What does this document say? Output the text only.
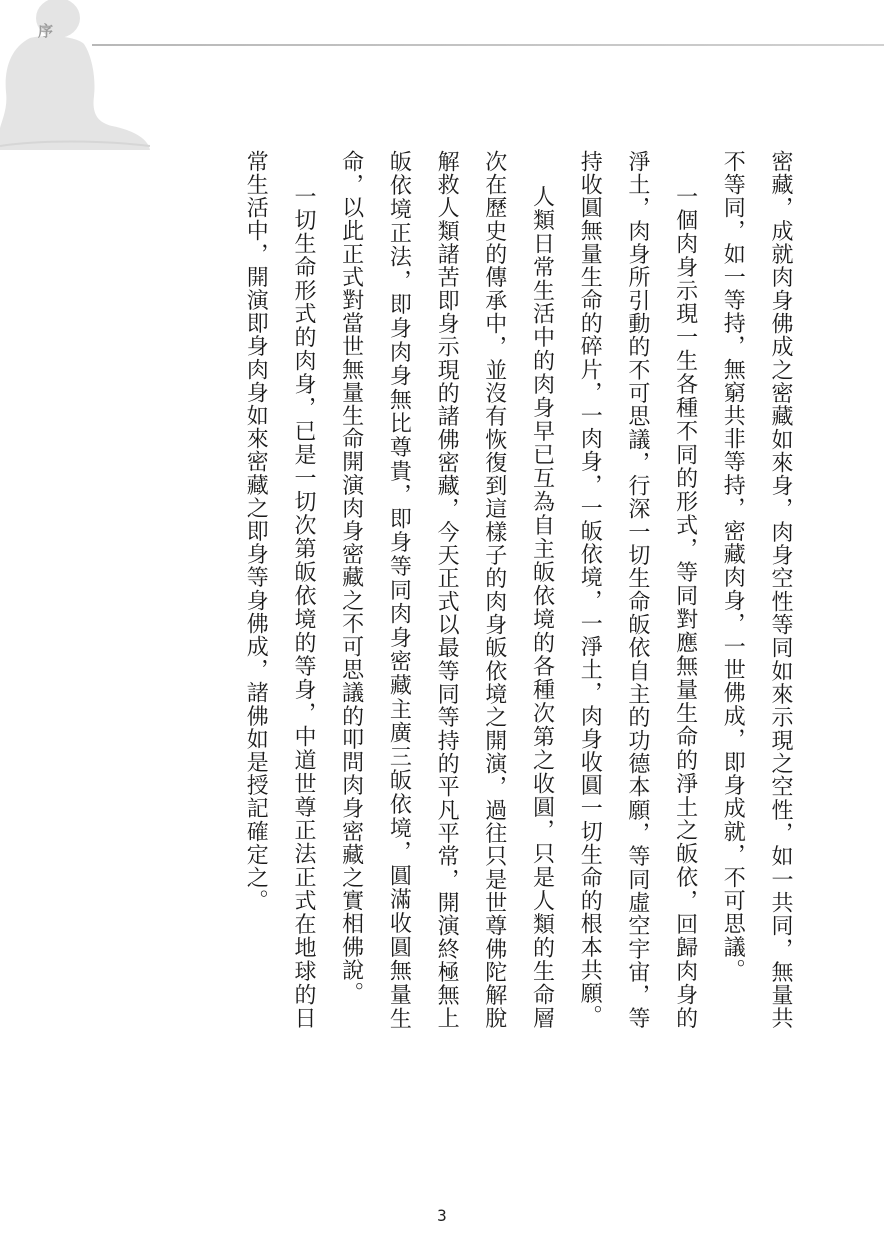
序

密藏，成就肉身佛成之密藏如來身，肉身空性等同如來示現之空性，如一共同，無量共不等同，如一等持，無窮共非等持，密藏肉身，一世佛成，即身成就，不可思議。

一個肉身示現一生各種不同的形式，等同對應無量生命的淨土之皈依，回歸肉身的淨土，肉身所引動的不可思議，行深一切生命皈依自主的功德本願，等同虛空宇宙，等持收圓無量生命的碎片，一肉身，一皈依境，一淨土，肉身收圓一切生命的根本共願。

人類日常生活中的肉身早已互為自主皈依境的各種次第之收圓，只是人類的生命層次在歷史的傳承中，並沒有恢復到這樣子的肉身皈依境之開演，過往只是世尊佛陀解脫解救人類諸苦即身示現的諸佛密藏，今天正式以最等同等持的平凡平常，開演終極無上皈依境正法，即身肉身無比尊貴，即身等同肉身密藏主廣三皈依境，圓滿收圓無量生命，以此正式對當世無量生命開演肉身密藏之不可思議的叩問肉身密藏之實相佛說。

一切生命形式的肉身，已是一切次第皈依境的等身，中道世尊正法正式在地球的日常生活中，開演即身肉身如來密藏之即身等身佛成，諸佛如是授記確定之。

3
